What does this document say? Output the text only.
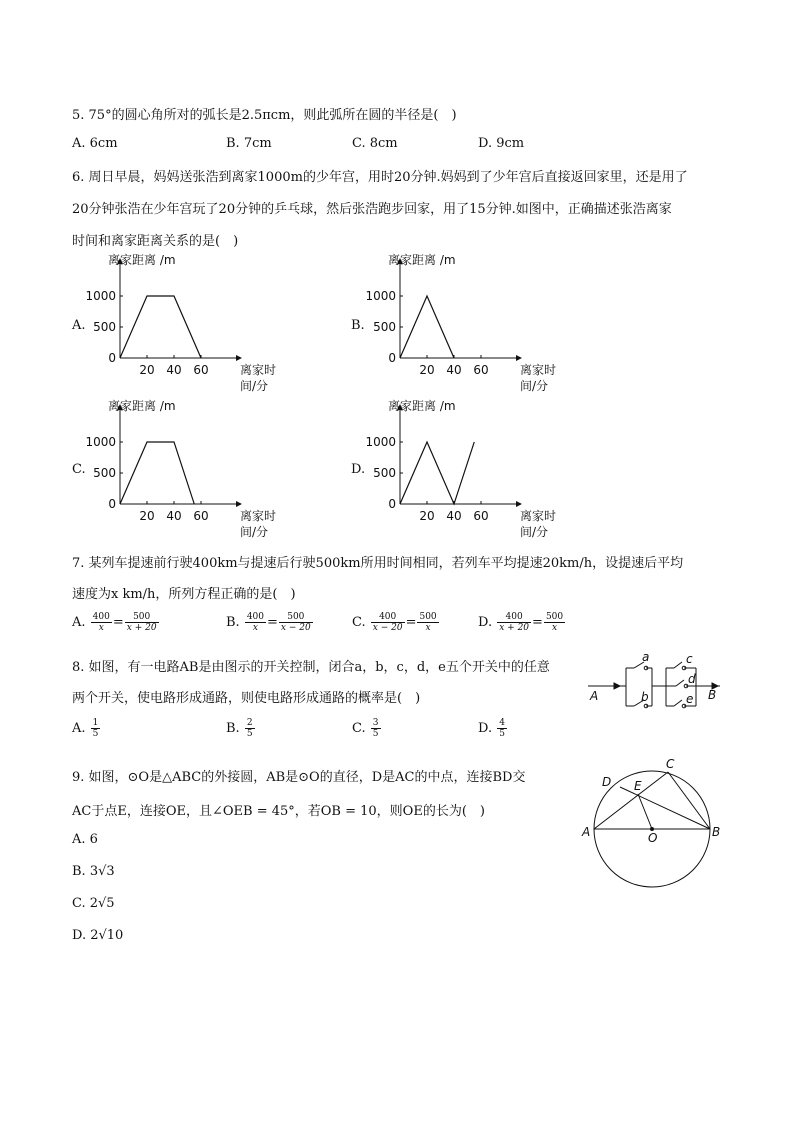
5. 75°的圆心角所对的弧长是2.5πcm，则此弧所在圆的半径是(　)
A. 6cm	B. 7cm	C. 8cm	D. 9cm
6. 周日早晨，妈妈送张浩到离家1000m的少年宫，用时20分钟.妈妈到了少年宫后直接返回家里，还是用了
20分钟张浩在少年宫玩了20分钟的乒乓球，然后张浩跑步回家，用了15分钟.如图中，正确描述张浩离家
时间和离家距离关系的是(　)
A.	B.
C.	D.
离家距离 /m
离家时
间/分
1000
500
0
20 40 60
离家距离 /m
离家时
间/分
1000
500
0
20 40 60
离家距离 /m
离家时
间/分
1000
500
0
20 40 60
离家距离 /m
离家时
间/分
1000
500
0
20 40 60
7. 某列车提速前行驶400km与提速后行驶500km所用时间相同，若列车平均提速20km/h，设提速后平均
速度为x km/h，所列方程正确的是(　)
A. $\frac{400}{x} = \frac{500}{x + 20}$	B. $\frac{400}{x} = \frac{500}{x - 20}$	C. $\frac{400}{x - 20} = \frac{500}{x}$	D. $\frac{400}{x + 20} = \frac{500}{x}$
8. 如图，有一电路AB是由图示的开关控制，闭合a，b，c，d，e五个开关中的任意
两个开关，使电路形成通路，则使电路形成通路的概率是(　)
A. $\frac{1}{5}$	B. $\frac{2}{5}$	C. $\frac{3}{5}$	D. $\frac{4}{5}$
A	B
a
b
c
d
e
9. 如图，⊙O是△ABC的外接圆，AB是⊙O的直径，D是AC的中点，连接BD交
AC于点E，连接OE，且∠OEB = 45°，若OB = 10，则OE的长为(　)
A. 6
B. 3√3
C. 2√5
D. 2√10
A	B
C
D E
O
